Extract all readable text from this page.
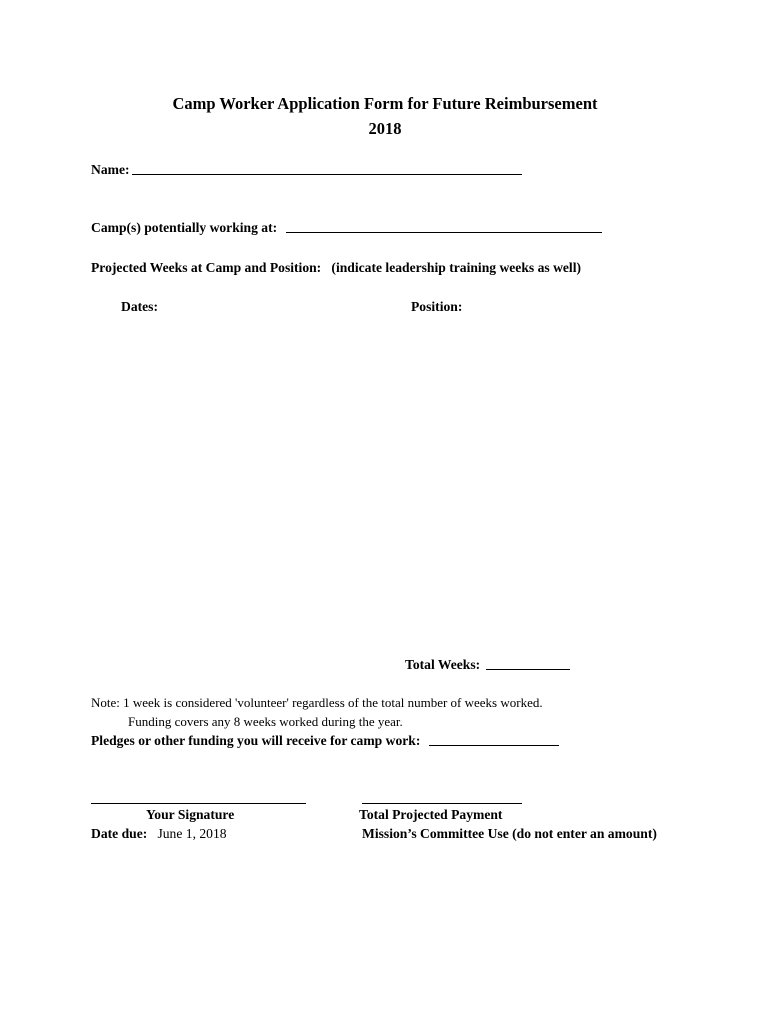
Camp Worker Application Form for Future Reimbursement
2018
Name:
Camp(s) potentially working at:
Projected Weeks at Camp and Position: (indicate leadership training weeks as well)
Dates:	Position:
Total Weeks:
Note: 1 week is considered 'volunteer' regardless of the total number of weeks worked.
Funding covers any 8 weeks worked during the year.
Pledges or other funding you will receive for camp work:
Your Signature	Total Projected Payment
Date due: June 1, 2018	Mission’s Committee Use (do not enter an amount)
